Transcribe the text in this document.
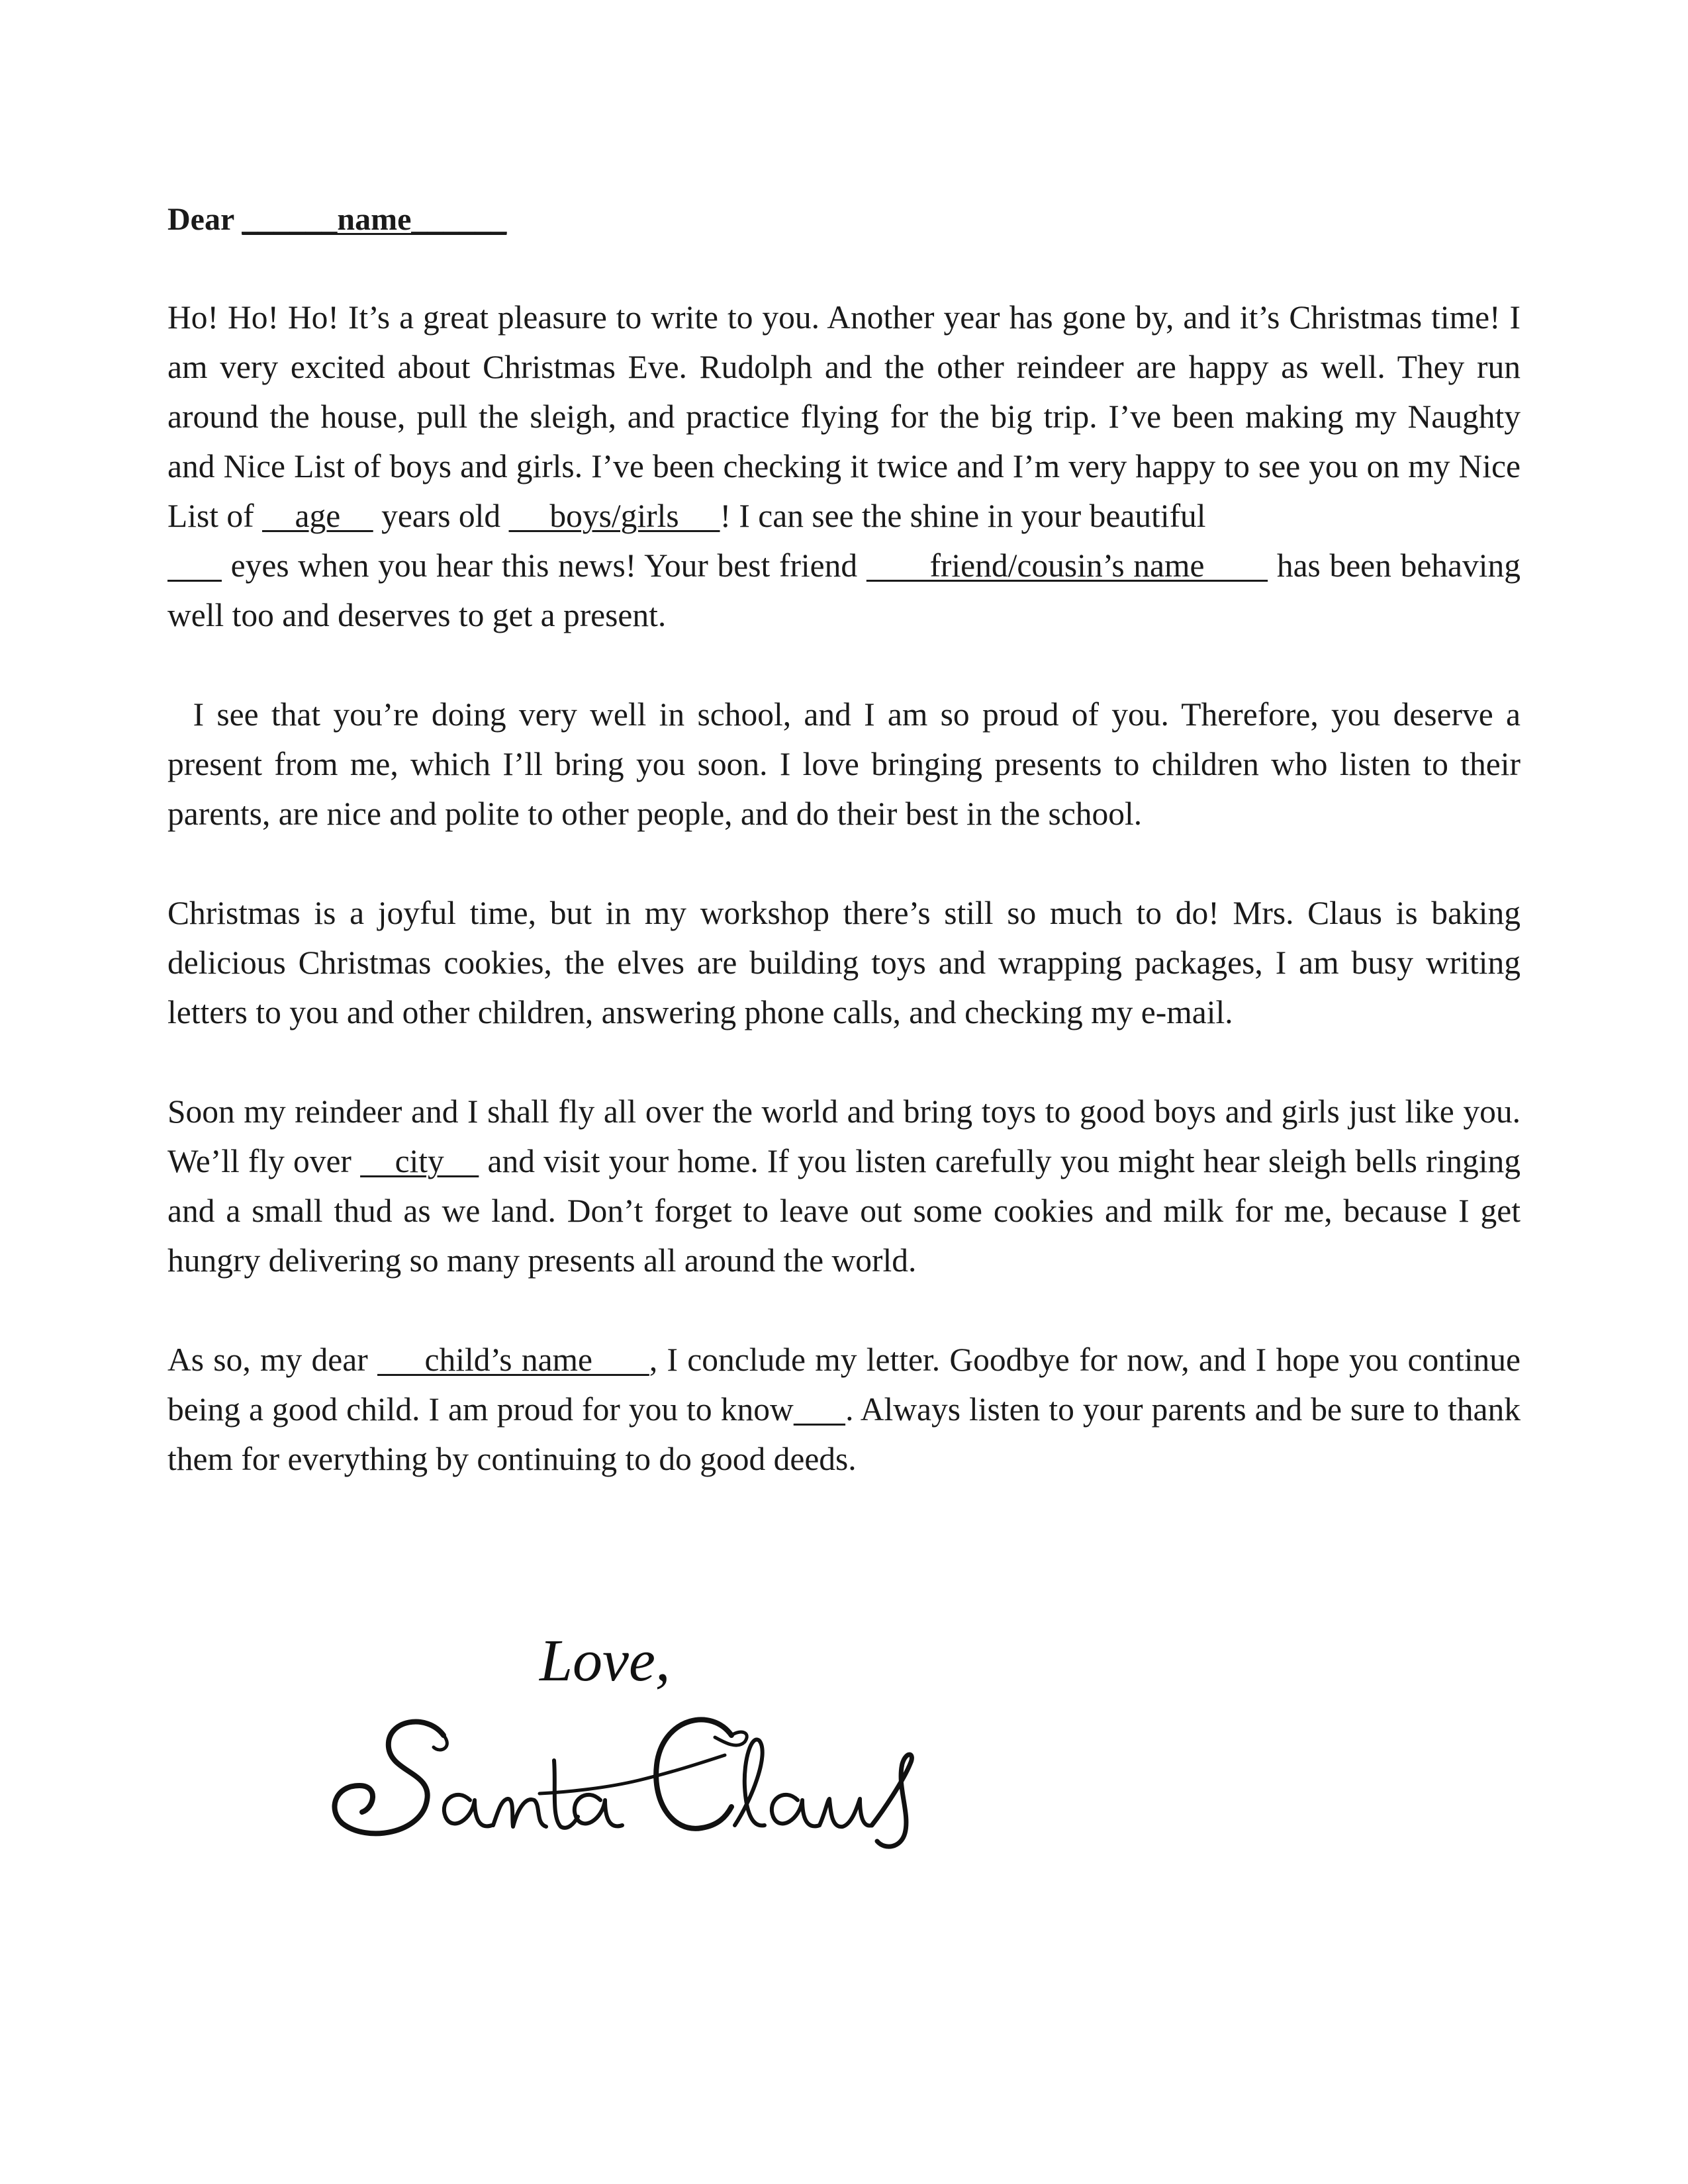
Dear ______name______

Ho! Ho! Ho! It’s a great pleasure to write to you. Another year has gone by, and it’s Christmas time! I am very excited about Christmas Eve. Rudolph and the other reindeer are happy as well. They run around the house, pull the sleigh, and practice flying for the big trip. I’ve been making my Naughty and Nice List of boys and girls. I’ve been checking it twice and I’m very happy to see you on my Nice List of     age     years old      boys/girls     ! I can see the shine in your beautiful
eyes when you hear this news! Your best friend        friend/cousin’s name        has been behaving well too and deserves to get a present.

I see that you’re doing very well in school, and I am so proud of you. Therefore, you deserve a present from me, which I’ll bring you soon. I love bringing presents to children who listen to their parents, are nice and polite to other people, and do their best in the school.

Christmas is a joyful time, but in my workshop there’s still so much to do! Mrs. Claus is baking delicious Christmas cookies, the elves are building toys and wrapping packages, I am busy writing letters to you and other children, answering phone calls, and checking my e-mail.

Soon my reindeer and I shall fly all over the world and bring toys to good boys and girls just like you. We’ll fly over     city     and visit your home. If you listen carefully you might hear sleigh bells ringing and a small thud as we land. Don’t forget to leave out some cookies and milk for me, because I get hungry delivering so many presents all around the world.

As so, my dear      child’s name      , I conclude my letter. Goodbye for now, and I hope you continue being a good child. I am proud for you to know . Always listen to your parents and be sure to thank them for everything by continuing to do good deeds.

Love,
